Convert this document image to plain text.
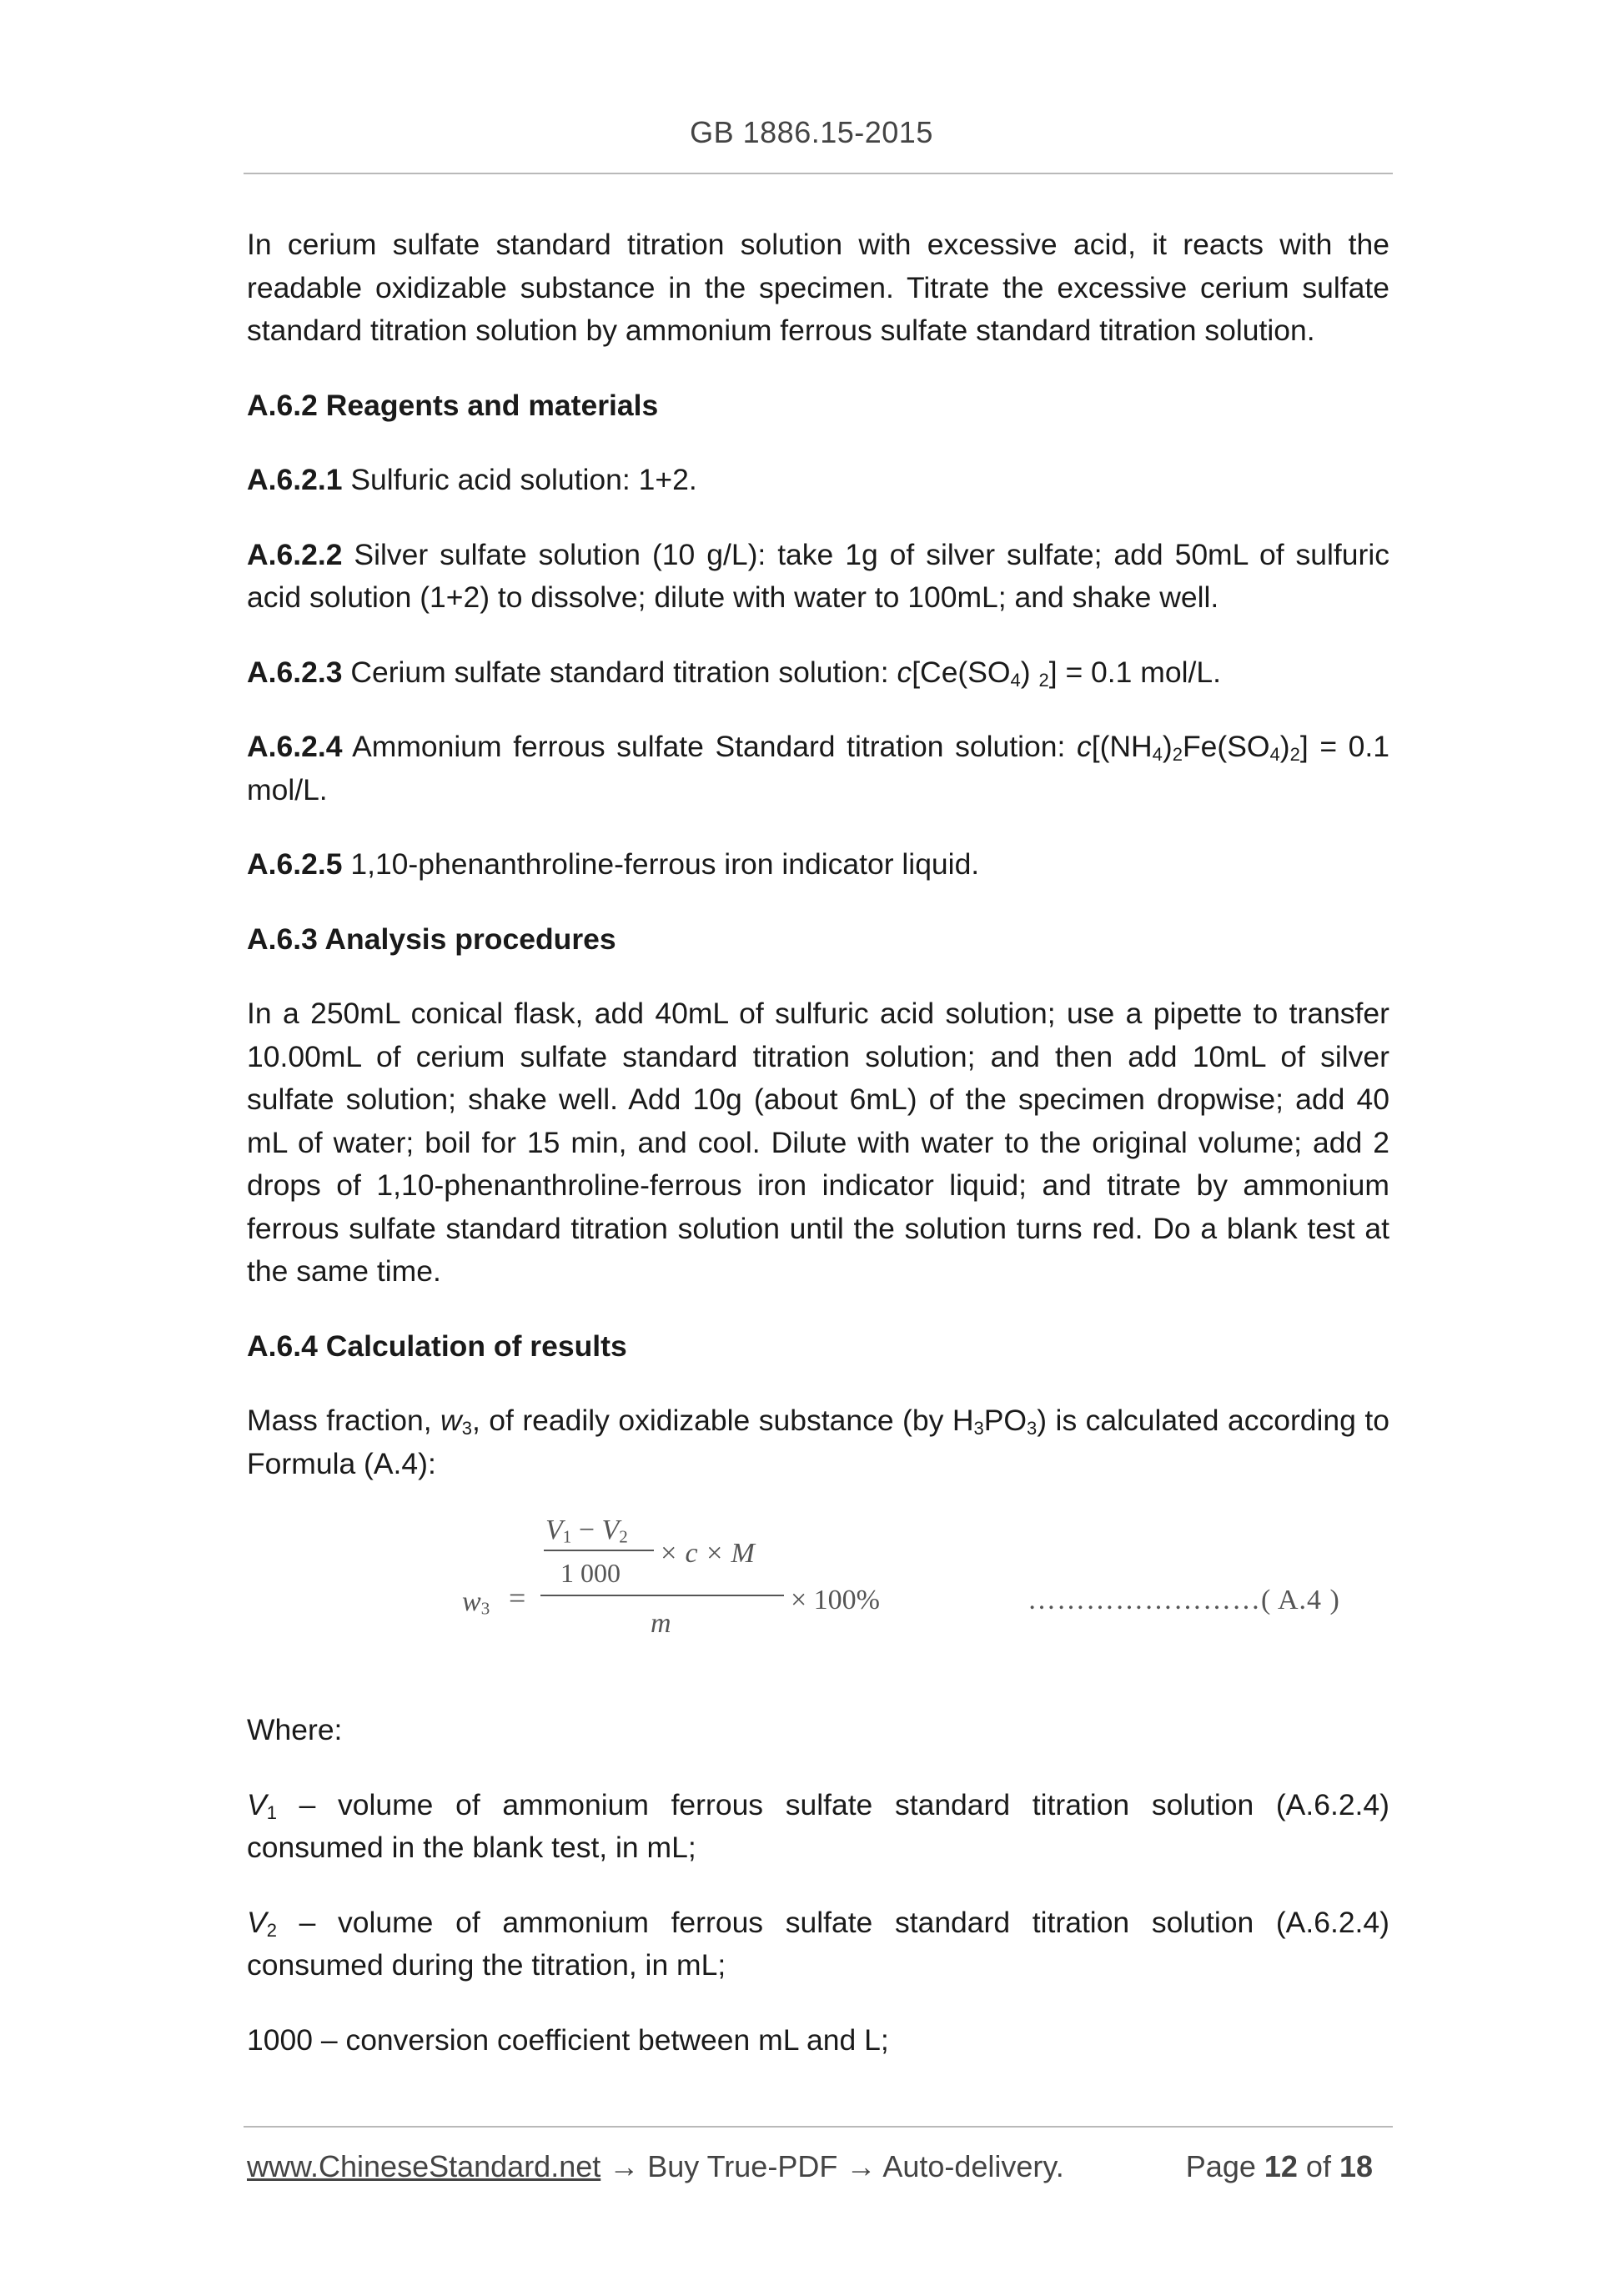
GB 1886.15-2015

In cerium sulfate standard titration solution with excessive acid, it reacts with the readable oxidizable substance in the specimen. Titrate the excessive cerium sulfate standard titration solution by ammonium ferrous sulfate standard titration solution.

A.6.2 Reagents and materials

A.6.2.1 Sulfuric acid solution: 1+2.

A.6.2.2 Silver sulfate solution (10 g/L): take 1g of silver sulfate; add 50mL of sulfuric acid solution (1+2) to dissolve; dilute with water to 100mL; and shake well.

A.6.2.3 Cerium sulfate standard titration solution: $c[Ce(SO_4) _2] = 0.1$ mol/L.

A.6.2.4 Ammonium ferrous sulfate Standard titration solution: $c[(NH_4)_2Fe(SO_4)_2] = 0.1$ mol/L.

A.6.2.5 1,10-phenanthroline-ferrous iron indicator liquid.

A.6.3 Analysis procedures

In a 250mL conical flask, add 40mL of sulfuric acid solution; use a pipette to transfer 10.00mL of cerium sulfate standard titration solution; and then add 10mL of silver sulfate solution; shake well. Add 10g (about 6mL) of the specimen dropwise; add 40 mL of water; boil for 15 min, and cool. Dilute with water to the original volume; add 2 drops of 1,10-phenanthroline-ferrous iron indicator liquid; and titrate by ammonium ferrous sulfate standard titration solution until the solution turns red. Do a blank test at the same time.

A.6.4 Calculation of results

Mass fraction, $w_3$, of readily oxidizable substance (by $H_3PO_3$) is calculated according to Formula (A.4):

$w_3$ =
$V_1 - V_2$
1 000
× c × M
m
× 100%	……………………( A.4 )

Where:

$V_1$ – volume of ammonium ferrous sulfate standard titration solution (A.6.2.4) consumed in the blank test, in mL;

$V_2$ – volume of ammonium ferrous sulfate standard titration solution (A.6.2.4) consumed during the titration, in mL;

1000 – conversion coefficient between mL and L;

www.ChineseStandard.net → Buy True-PDF → Auto-delivery.	Page 12 of 18
